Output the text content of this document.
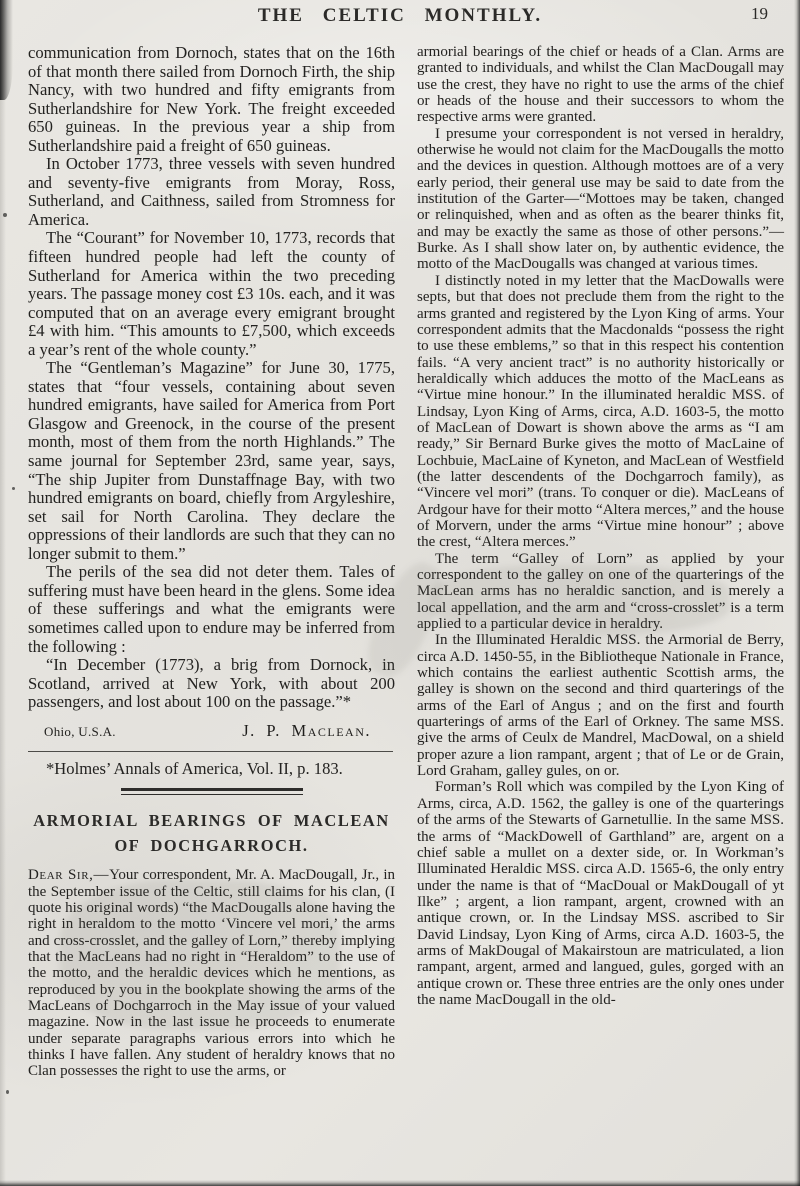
THE CELTIC MONTHLY.	19

communication from Dornoch, states that on the 16th of that month there sailed from Dornoch Firth, the ship Nancy, with two hundred and fifty emigrants from Sutherlandshire for New York. The freight exceeded 650 guineas. In the previous year a ship from Sutherlandshire paid a freight of 650 guineas.

In October 1773, three vessels with seven hundred and seventy-five emigrants from Moray, Ross, Sutherland, and Caithness, sailed from Stromness for America.

The “Courant” for November 10, 1773, records that fifteen hundred people had left the county of Sutherland for America within the two preceding years. The passage money cost £3 10s. each, and it was computed that on an average every emigrant brought £4 with him. “This amounts to £7,500, which exceeds a year’s rent of the whole county.”

The “Gentleman’s Magazine” for June 30, 1775, states that “four vessels, containing about seven hundred emigrants, have sailed for America from Port Glasgow and Greenock, in the course of the present month, most of them from the north Highlands.” The same journal for September 23rd, same year, says, “The ship Jupiter from Dunstaffnage Bay, with two hundred emigrants on board, chiefly from Argyleshire, set sail for North Carolina. They declare the oppressions of their landlords are such that they can no longer submit to them.”

The perils of the sea did not deter them. Tales of suffering must have been heard in the glens. Some idea of these sufferings and what the emigrants were sometimes called upon to endure may be inferred from the following :

“In December (1773), a brig from Dornock, in Scotland, arrived at New York, with about 200 passengers, and lost about 100 on the passage.”*

Ohio, U.S.A.	J. P. Maclean.

*Holmes’ Annals of America, Vol. II, p. 183.

ARMORIAL BEARINGS OF MACLEAN OF DOCHGARROCH.

Dear Sir,—Your correspondent, Mr. A. MacDougall, Jr., in the September issue of the Celtic, still claims for his clan, (I quote his original words) “the MacDougalls alone having the right in heraldom to the motto ‘Vincere vel mori,’ the arms and cross-crosslet, and the galley of Lorn,” thereby implying that the MacLeans had no right in “Heraldom” to the use of the motto, and the heraldic devices which he mentions, as reproduced by you in the bookplate showing the arms of the MacLeans of Dochgarroch in the May issue of your valued magazine. Now in the last issue he proceeds to enumerate under separate paragraphs various errors into which he thinks I have fallen. Any student of heraldry knows that no Clan possesses the right to use the arms, or

armorial bearings of the chief or heads of a Clan. Arms are granted to individuals, and whilst the Clan MacDougall may use the crest, they have no right to use the arms of the chief or heads of the house and their successors to whom the respective arms were granted.

I presume your correspondent is not versed in heraldry, otherwise he would not claim for the MacDougalls the motto and the devices in question. Although mottoes are of a very early period, their general use may be said to date from the institution of the Garter—“Mottoes may be taken, changed or relinquished, when and as often as the bearer thinks fit, and may be exactly the same as those of other persons.”—Burke. As I shall show later on, by authentic evidence, the motto of the MacDougalls was changed at various times.

I distinctly noted in my letter that the MacDowalls were septs, but that does not preclude them from the right to the arms granted and registered by the Lyon King of arms. Your correspondent admits that the Macdonalds “possess the right to use these emblems,” so that in this respect his contention fails. “A very ancient tract” is no authority historically or heraldically which adduces the motto of the MacLeans as “Virtue mine honour.” In the illuminated heraldic MSS. of Lindsay, Lyon King of Arms, circa, A.D. 1603-5, the motto of MacLean of Dowart is shown above the arms as “I am ready,” Sir Bernard Burke gives the motto of MacLaine of Lochbuie, MacLaine of Kyneton, and MacLean of Westfield (the latter descendents of the Dochgarroch family), as “Vincere vel mori” (trans. To conquer or die). MacLeans of Ardgour have for their motto “Altera merces,” and the house of Morvern, under the arms “Virtue mine honour” ; above the crest, “Altera merces.”

The term “Galley of Lorn” as applied by your correspondent to the galley on one of the quarterings of the MacLean arms has no heraldic sanction, and is merely a local appellation, and the arm and “cross-crosslet” is a term applied to a particular device in heraldry.

In the Illuminated Heraldic MSS. the Armorial de Berry, circa A.D. 1450-55, in the Bibliotheque Nationale in France, which contains the earliest authentic Scottish arms, the galley is shown on the second and third quarterings of the arms of the Earl of Angus ; and on the first and fourth quarterings of arms of the Earl of Orkney. The same MSS. give the arms of Ceulx de Mandrel, MacDowal, on a shield proper azure a lion rampant, argent ; that of Le or de Grain, Lord Graham, galley gules, on or.

Forman’s Roll which was compiled by the Lyon King of Arms, circa, A.D. 1562, the galley is one of the quarterings of the arms of the Stewarts of Garnetullie. In the same MSS. the arms of “MackDowell of Garthland” are, argent on a chief sable a mullet on a dexter side, or. In Workman’s Illuminated Heraldic MSS. circa A.D. 1565-6, the only entry under the name is that of “MacDoual or MakDougall of yt Ilke” ; argent, a lion rampant, argent, crowned with an antique crown, or. In the Lindsay MSS. ascribed to Sir David Lindsay, Lyon King of Arms, circa A.D. 1603-5, the arms of MakDougal of Makairstoun are matriculated, a lion rampant, argent, armed and langued, gules, gorged with an antique crown or. These three entries are the only ones under the name MacDougall in the old-
